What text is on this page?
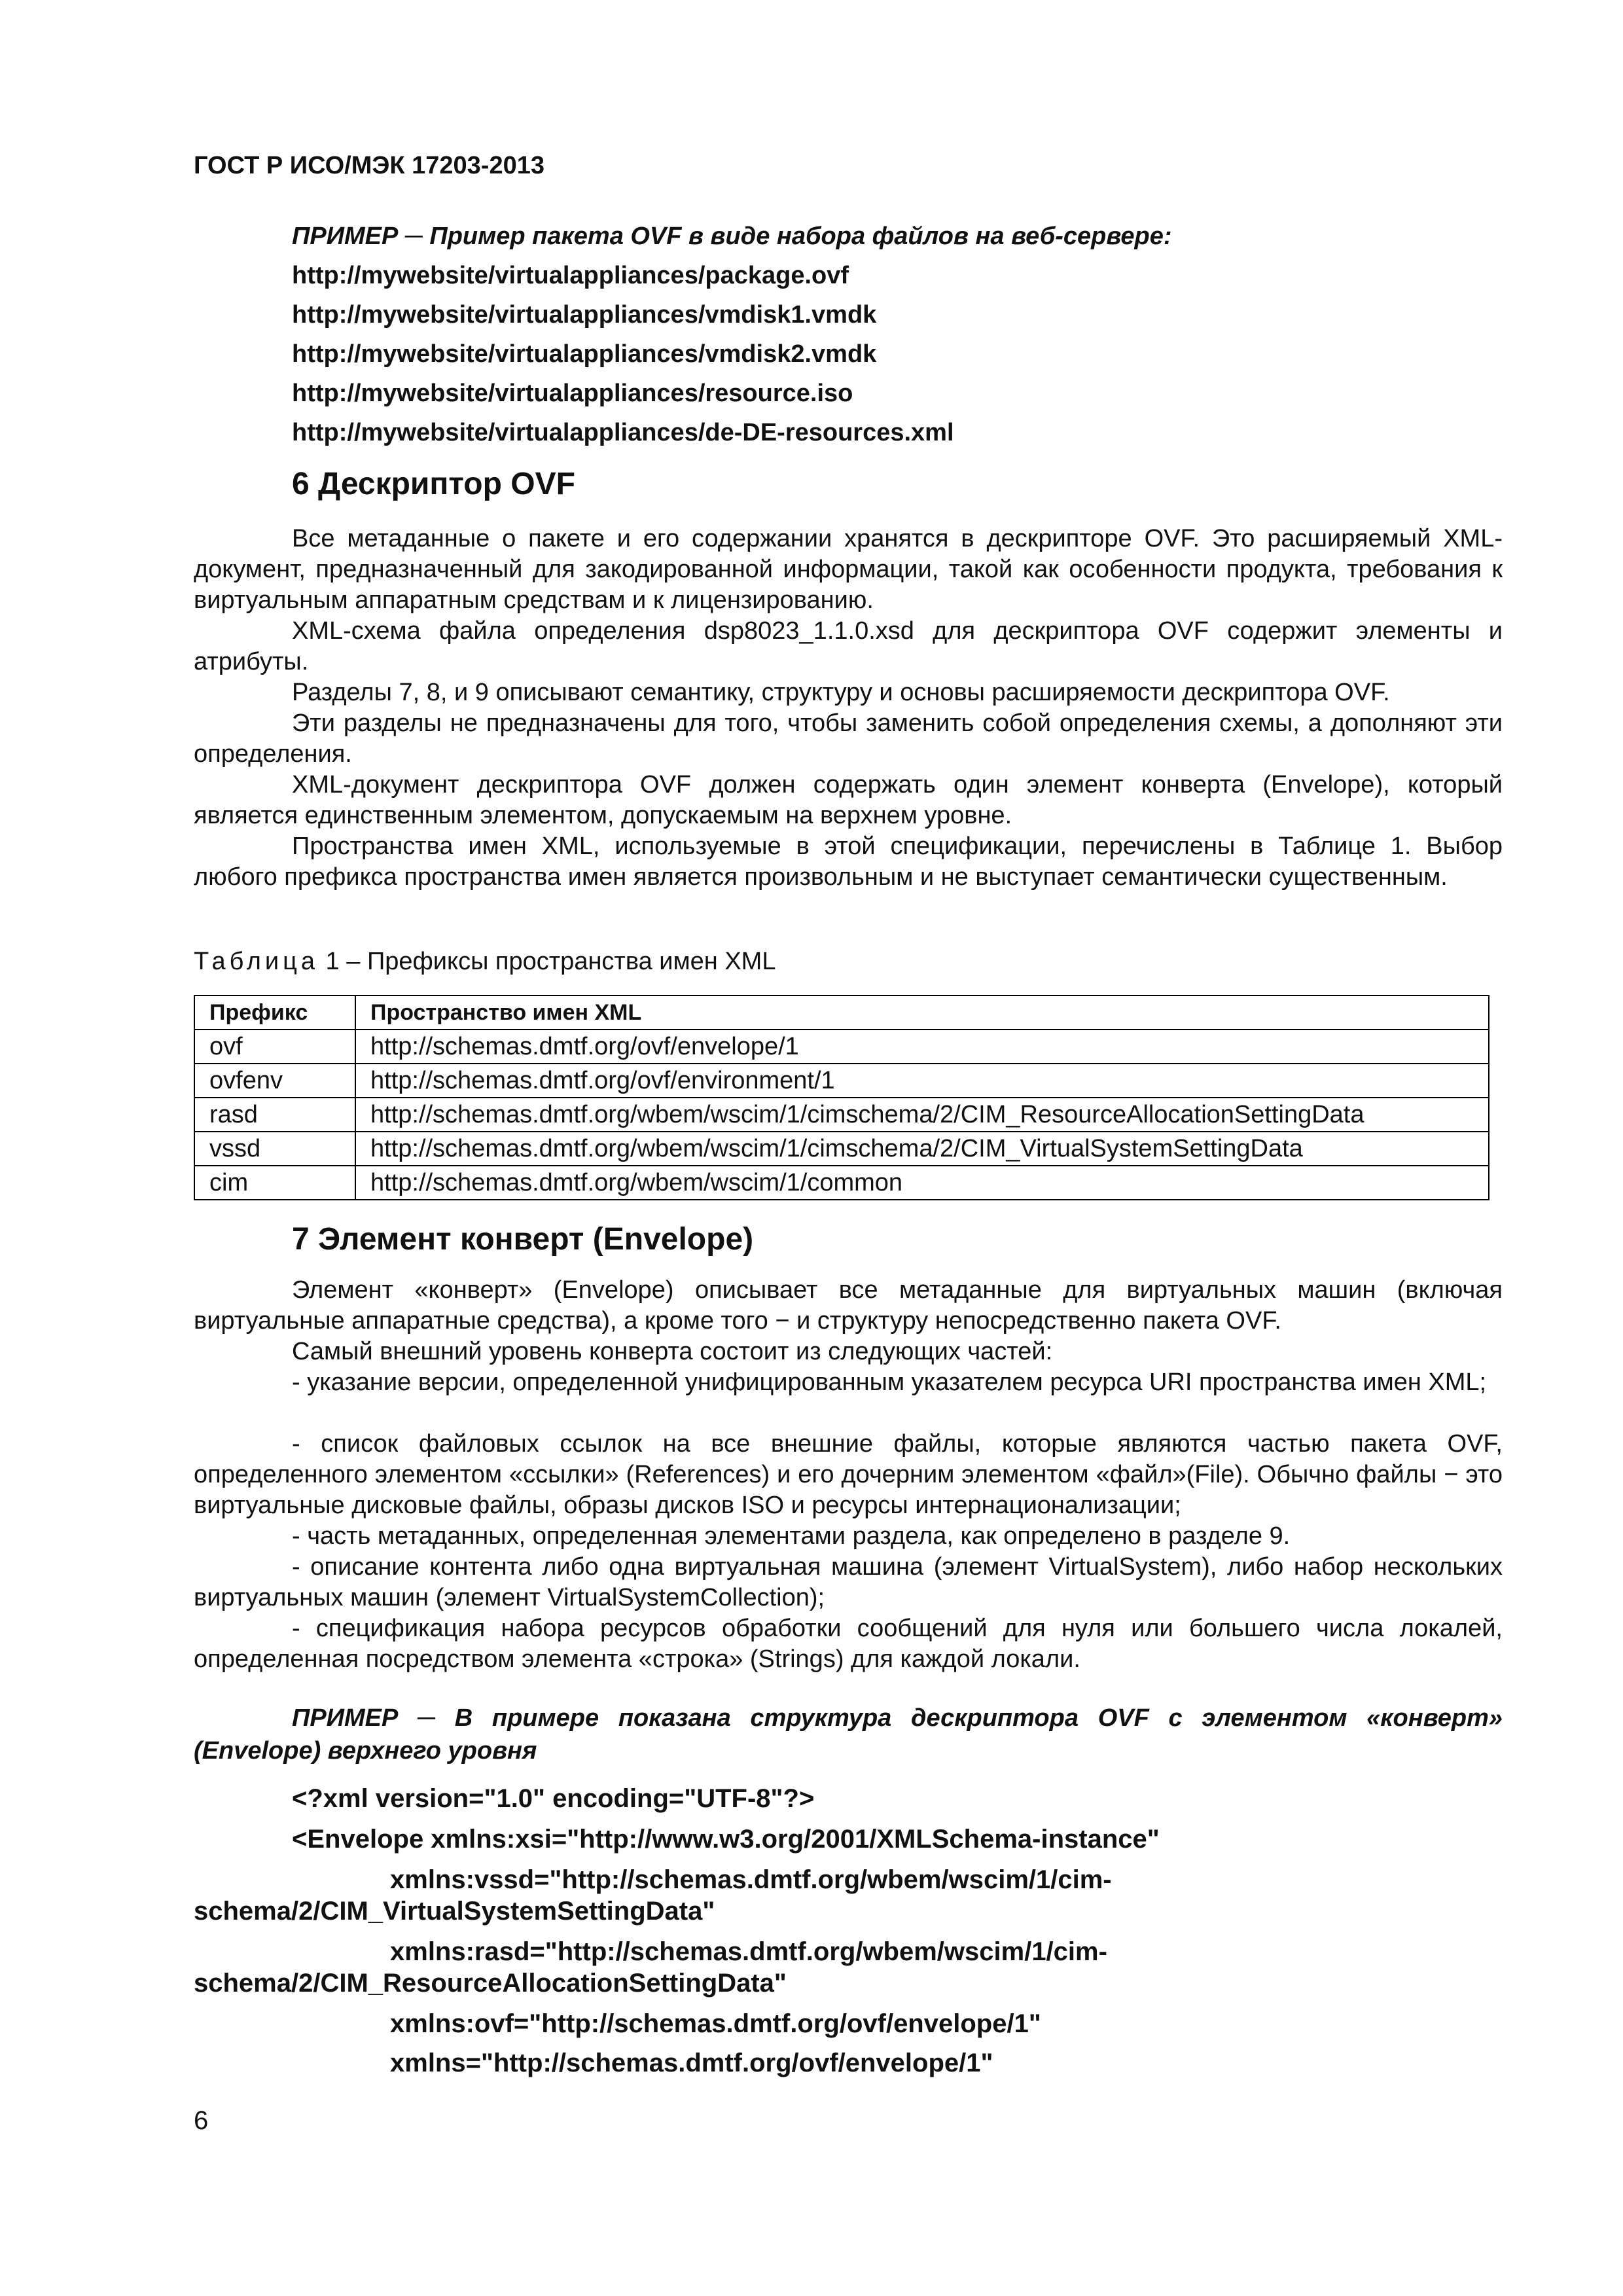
ГОСТ Р ИСО/МЭК 17203-2013
ПРИМЕР ─ Пример пакета OVF в виде набора файлов на веб-сервере:
http://mywebsite/virtualappliances/package.ovf
http://mywebsite/virtualappliances/vmdisk1.vmdk
http://mywebsite/virtualappliances/vmdisk2.vmdk
http://mywebsite/virtualappliances/resource.iso
http://mywebsite/virtualappliances/de-DE-resources.xml
6 Дескриптор OVF

Все метаданные о пакете и его содержании хранятся в дескрипторе OVF. Это расширяемый XML-документ, предназначенный для закодированной информации, такой как особенности продукта, требования к виртуальным аппаратным средствам и к лицензированию.

XML-схема файла определения dsp8023_1.1.0.xsd для дескриптора OVF содержит элементы и атрибуты.

Разделы 7, 8, и 9 описывают семантику, структуру и основы расширяемости дескриптора OVF.

Эти разделы не предназначены для того, чтобы заменить собой определения схемы, а дополняют эти определения.

XML-документ дескриптора OVF должен содержать один элемент конверта (Envelope), который является единственным элементом, допускаемым на верхнем уровне.

Пространства имен XML, используемые в этой спецификации, перечислены в Таблице 1. Выбор любого префикса пространства имен является произвольным и не выступает семантически существенным.

Таблица 1 – Префиксы пространства имен XML
Префикс	Пространство имен XML
ovf	http://schemas.dmtf.org/ovf/envelope/1
ovfenv	http://schemas.dmtf.org/ovf/environment/1
rasd	http://schemas.dmtf.org/wbem/wscim/1/cimschema/2/CIM_ResourceAllocationSettingData
vssd	http://schemas.dmtf.org/wbem/wscim/1/cimschema/2/CIM_VirtualSystemSettingData
cim	http://schemas.dmtf.org/wbem/wscim/1/common
7 Элемент конверт (Envelope)

Элемент «конверт» (Envelope) описывает все метаданные для виртуальных машин (включая виртуальные аппаратные средства), а кроме того − и структуру непосредственно пакета OVF.

Самый внешний уровень конверта состоит из следующих частей:

- указание версии, определенной унифицированным указателем ресурса URI пространства имен XML;

- список файловых ссылок на все внешние файлы, которые являются частью пакета OVF, определенного элементом «ссылки» (References) и его дочерним элементом «файл»(File). Обычно файлы − это виртуальные дисковые файлы, образы дисков ISO и ресурсы интернационализации;

- часть метаданных, определенная элементами раздела, как определено в разделе 9.

- описание контента либо одна виртуальная машина (элемент VirtualSystem), либо набор нескольких виртуальных машин (элемент VirtualSystemCollection);

- спецификация набора ресурсов обработки сообщений для нуля или большего числа локалей, определенная посредством элемента «строка» (Strings) для каждой локали.

ПРИМЕР ─ В примере показана структура дескриптора OVF с элементом «конверт» (Envelope) верхнего уровня

<?xml version="1.0" encoding="UTF-8"?>
<Envelope xmlns:xsi="http://www.w3.org/2001/XMLSchema-instance"
xmlns:vssd="http://schemas.dmtf.org/wbem/wscim/1/cim-
schema/2/CIM_VirtualSystemSettingData"
xmlns:rasd="http://schemas.dmtf.org/wbem/wscim/1/cim-
schema/2/CIM_ResourceAllocationSettingData"
xmlns:ovf="http://schemas.dmtf.org/ovf/envelope/1"
xmlns="http://schemas.dmtf.org/ovf/envelope/1"
6
